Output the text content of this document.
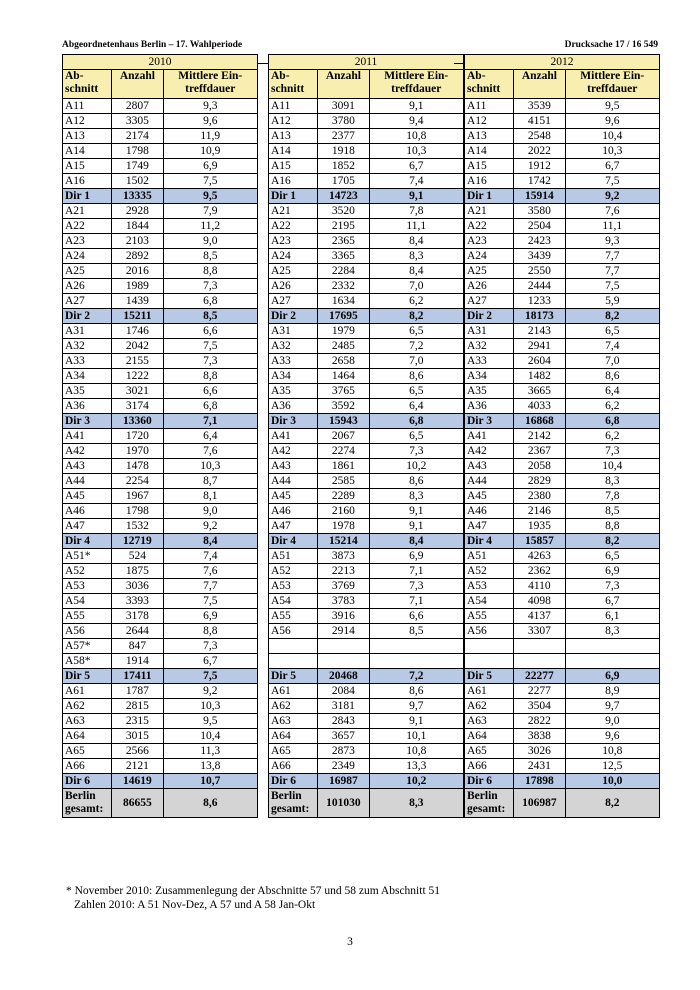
Abgeordnetenhaus Berlin – 17. Wahlperiode	Drucksache 17 / 16 549
2010		
Ab-
schnitt	Anzahl	Mittlere Ein-
treffdauer
A11	2807	9,3
A12	3305	9,6
A13	2174	11,9
A14	1798	10,9
A15	1749	6,9
A16	1502	7,5
Dir 1	13335	9,5
A21	2928	7,9
A22	1844	11,2
A23	2103	9,0
A24	2892	8,5
A25	2016	8,8
A26	1989	7,3
A27	1439	6,8
Dir 2	15211	8,5
A31	1746	6,6
A32	2042	7,5
A33	2155	7,3
A34	1222	8,8
A35	3021	6,6
A36	3174	6,8
Dir 3	13360	7,1
A41	1720	6,4
A42	1970	7,6
A43	1478	10,3
A44	2254	8,7
A45	1967	8,1
A46	1798	9,0
A47	1532	9,2
Dir 4	12719	8,4
A51*	524	7,4
A52	1875	7,6
A53	3036	7,7
A54	3393	7,5
A55	3178	6,9
A56	2644	8,8
A57*	847	7,3
A58*	1914	6,7
Dir 5	17411	7,5
A61	1787	9,2
A62	2815	10,3
A63	2315	9,5
A64	3015	10,4
A65	2566	11,3
A66	2121	13,8
Dir 6	14619	10,7
Berlin
gesamt:	86655	8,6
2011		
Ab-
schnitt	Anzahl	Mittlere Ein-
treffdauer
A11	3091	9,1
A12	3780	9,4
A13	2377	10,8
A14	1918	10,3
A15	1852	6,7
A16	1705	7,4
Dir 1	14723	9,1
A21	3520	7,8
A22	2195	11,1
A23	2365	8,4
A24	3365	8,3
A25	2284	8,4
A26	2332	7,0
A27	1634	6,2
Dir 2	17695	8,2
A31	1979	6,5
A32	2485	7,2
A33	2658	7,0
A34	1464	8,6
A35	3765	6,5
A36	3592	6,4
Dir 3	15943	6,8
A41	2067	6,5
A42	2274	7,3
A43	1861	10,2
A44	2585	8,6
A45	2289	8,3
A46	2160	9,1
A47	1978	9,1
Dir 4	15214	8,4
A51	3873	6,9
A52	2213	7,1
A53	3769	7,3
A54	3783	7,1
A55	3916	6,6
A56	2914	8,5

Dir 5	20468	7,2
A61	2084	8,6
A62	3181	9,7
A63	2843	9,1
A64	3657	10,1
A65	2873	10,8
A66	2349	13,3
Dir 6	16987	10,2
Berlin
gesamt:	101030	8,3
2012		
Ab-
schnitt	Anzahl	Mittlere Ein-
treffdauer
A11	3539	9,5
A12	4151	9,6
A13	2548	10,4
A14	2022	10,3
A15	1912	6,7
A16	1742	7,5
Dir 1	15914	9,2
A21	3580	7,6
A22	2504	11,1
A23	2423	9,3
A24	3439	7,7
A25	2550	7,7
A26	2444	7,5
A27	1233	5,9
Dir 2	18173	8,2
A31	2143	6,5
A32	2941	7,4
A33	2604	7,0
A34	1482	8,6
A35	3665	6,4
A36	4033	6,2
Dir 3	16868	6,8
A41	2142	6,2
A42	2367	7,3
A43	2058	10,4
A44	2829	8,3
A45	2380	7,8
A46	2146	8,5
A47	1935	8,8
Dir 4	15857	8,2
A51	4263	6,5
A52	2362	6,9
A53	4110	7,3
A54	4098	6,7
A55	4137	6,1
A56	3307	8,3

Dir 5	22277	6,9
A61	2277	8,9
A62	3504	9,7
A63	2822	9,0
A64	3838	9,6
A65	3026	10,8
A66	2431	12,5
Dir 6	17898	10,0
Berlin
gesamt:	106987	8,2
* November 2010: Zusammenlegung der Abschnitte 57 und 58 zum Abschnitt 51
Zahlen 2010: A 51 Nov-Dez, A 57 und A 58 Jan-Okt
3
